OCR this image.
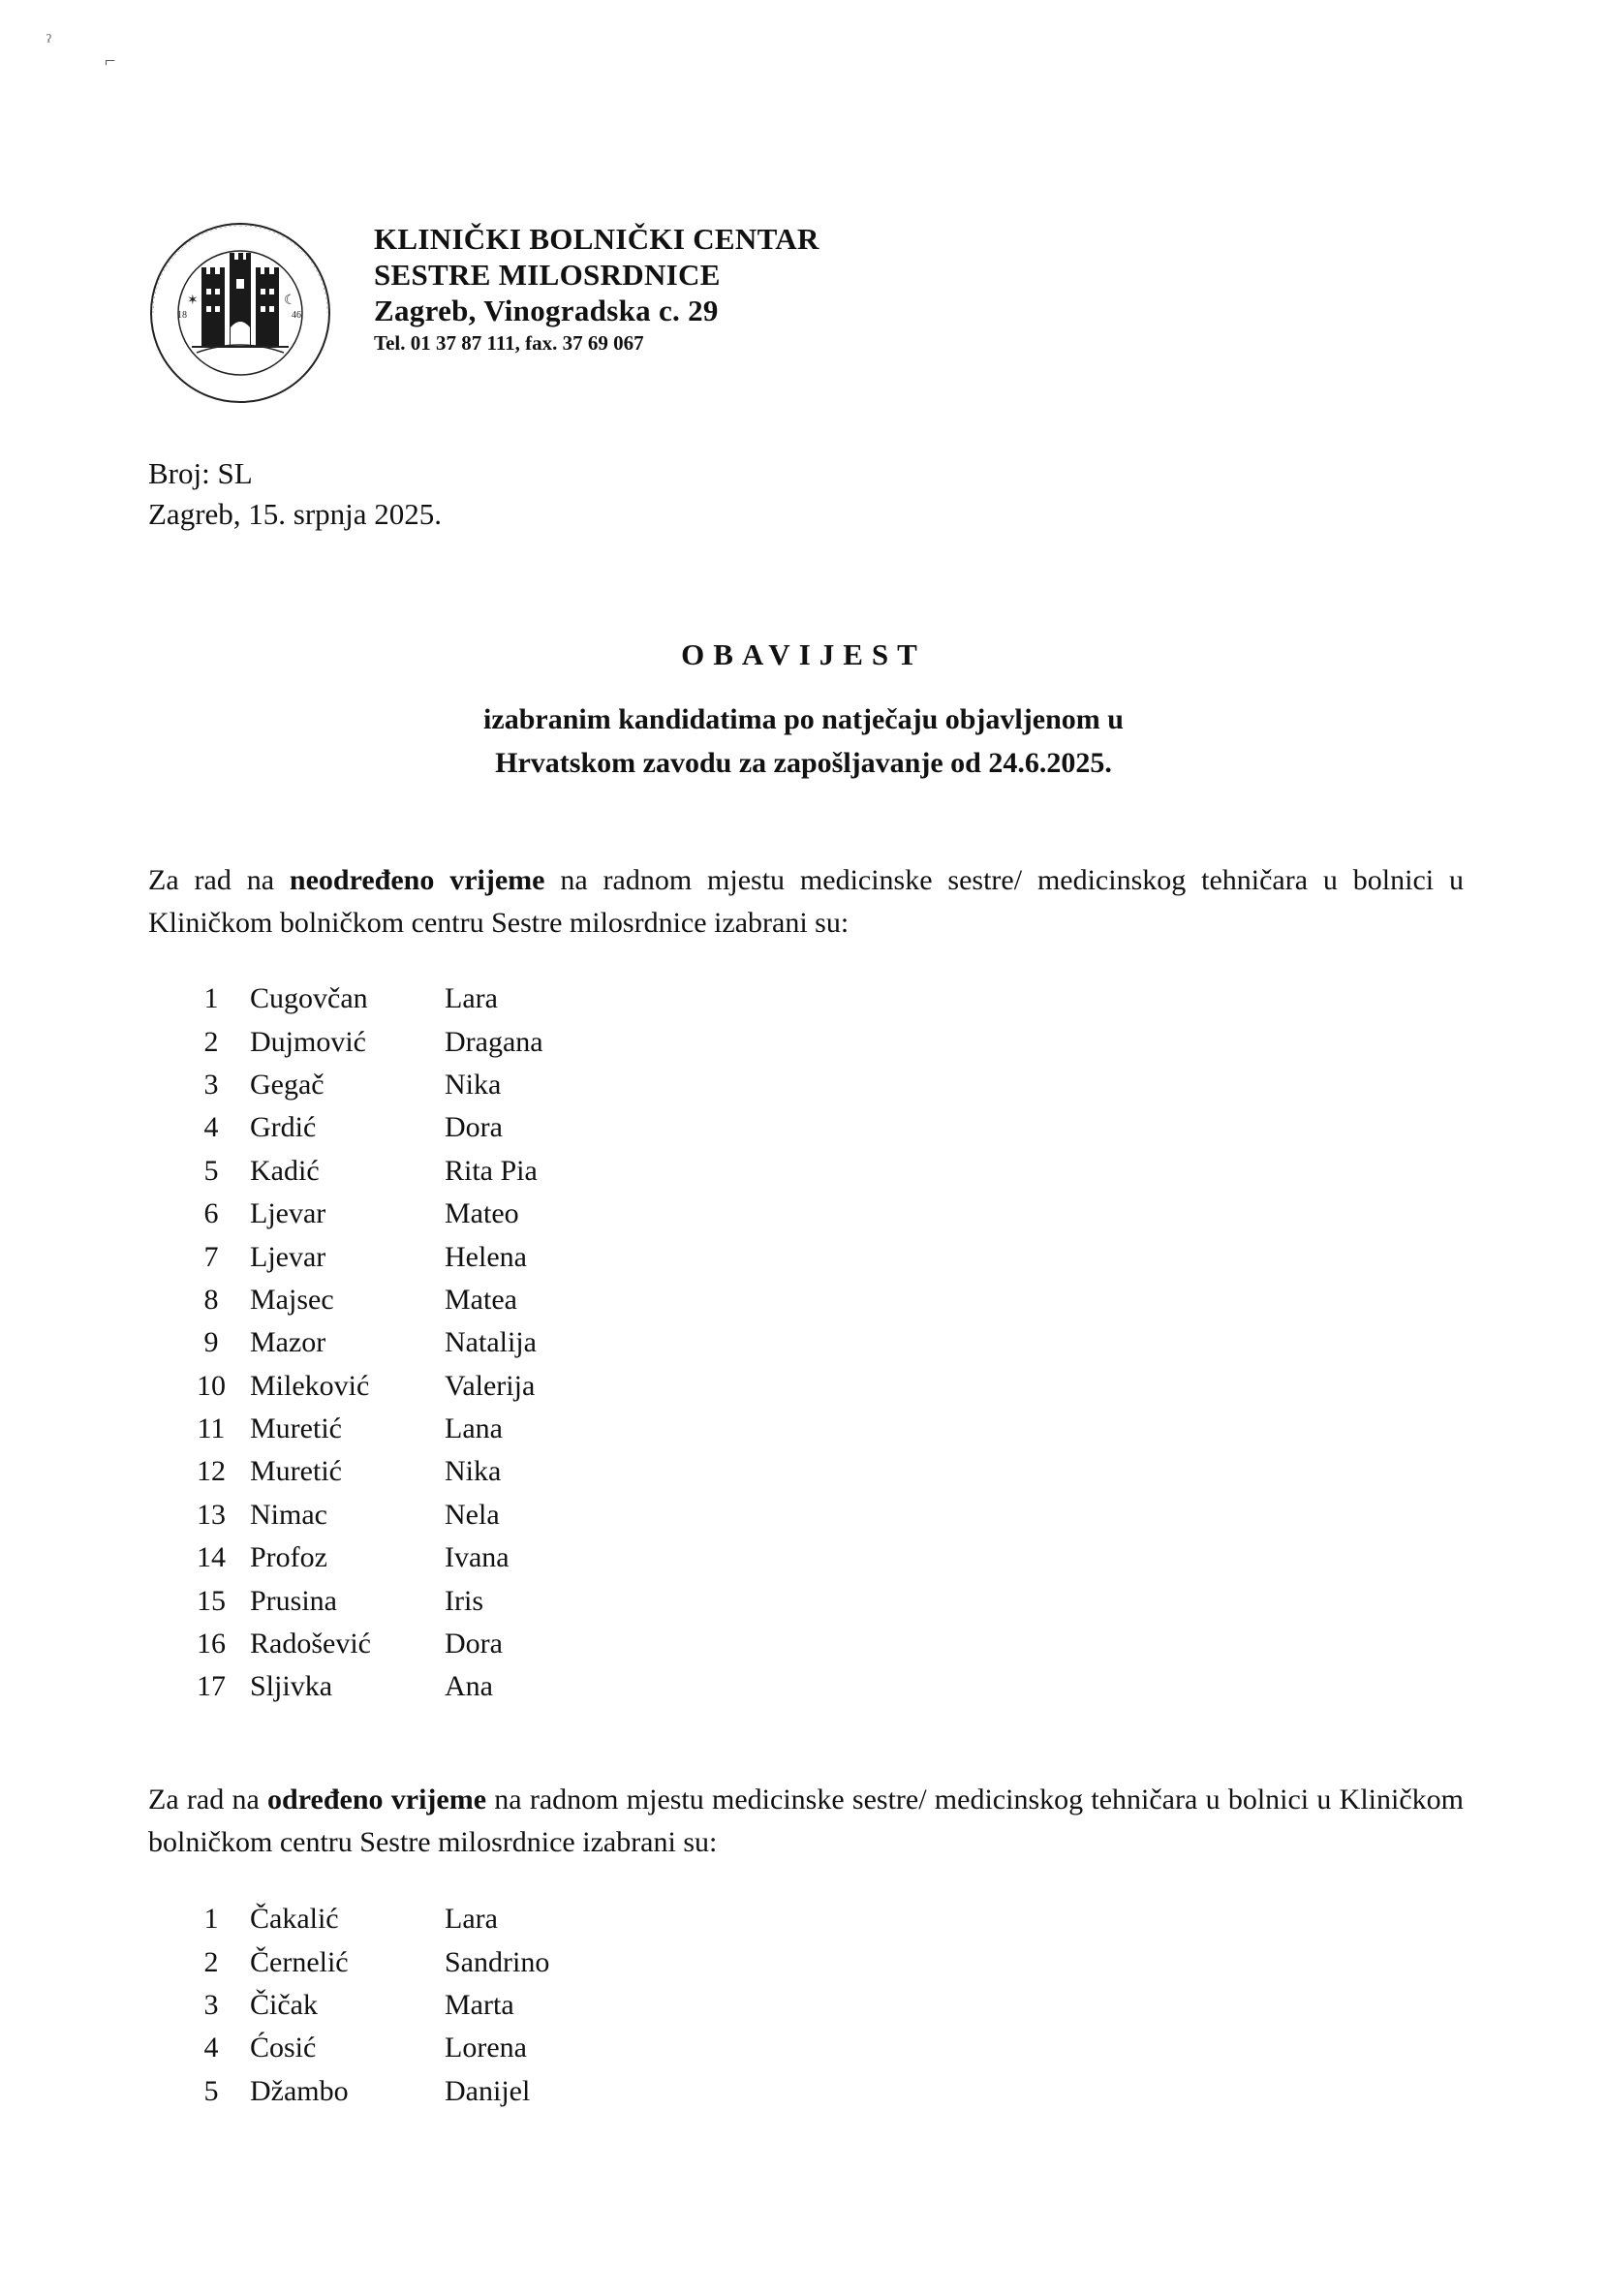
ˀ
⌐
18	46
✶	☾
KLINIČKI BOLNIČKI CENTAR
SESTRE MILOSRDNICE
Zagreb, Vinogradska c. 29
Tel. 01 37 87 111, fax. 37 69 067
Broj: SL
Zagreb, 15. srpnja 2025.
OBAVIJEST
izabranim kandidatima po natječaju objavljenom u
Hrvatskom zavodu za zapošljavanje od 24.6.2025.
Za rad na neodređeno vrijeme na radnom mjestu medicinske sestre/ medicinskog tehničara u bolnici u Kliničkom bolničkom centru Sestre milosrdnice izabrani su:
1	Cugovčan	Lara
2	Dujmović	Dragana
3	Gegač	Nika
4	Grdić	Dora
5	Kadić	Rita Pia
6	Ljevar	Mateo
7	Ljevar	Helena
8	Majsec	Matea
9	Mazor	Natalija
10 Mileković	Valerija
11 Muretić	Lana
12 Muretić	Nika
13 Nimac	Nela
14 Profoz	Ivana
15 Prusina	Iris
16 Radošević	Dora
17 Sljivka	Ana
Za rad na određeno vrijeme na radnom mjestu medicinske sestre/ medicinskog tehničara u bolnici u Kliničkom bolničkom centru Sestre milosrdnice izabrani su:
1	Čakalić	Lara
2	Černelić	Sandrino
3	Čičak	Marta
4	Ćosić	Lorena
5	Džambo	Danijel
